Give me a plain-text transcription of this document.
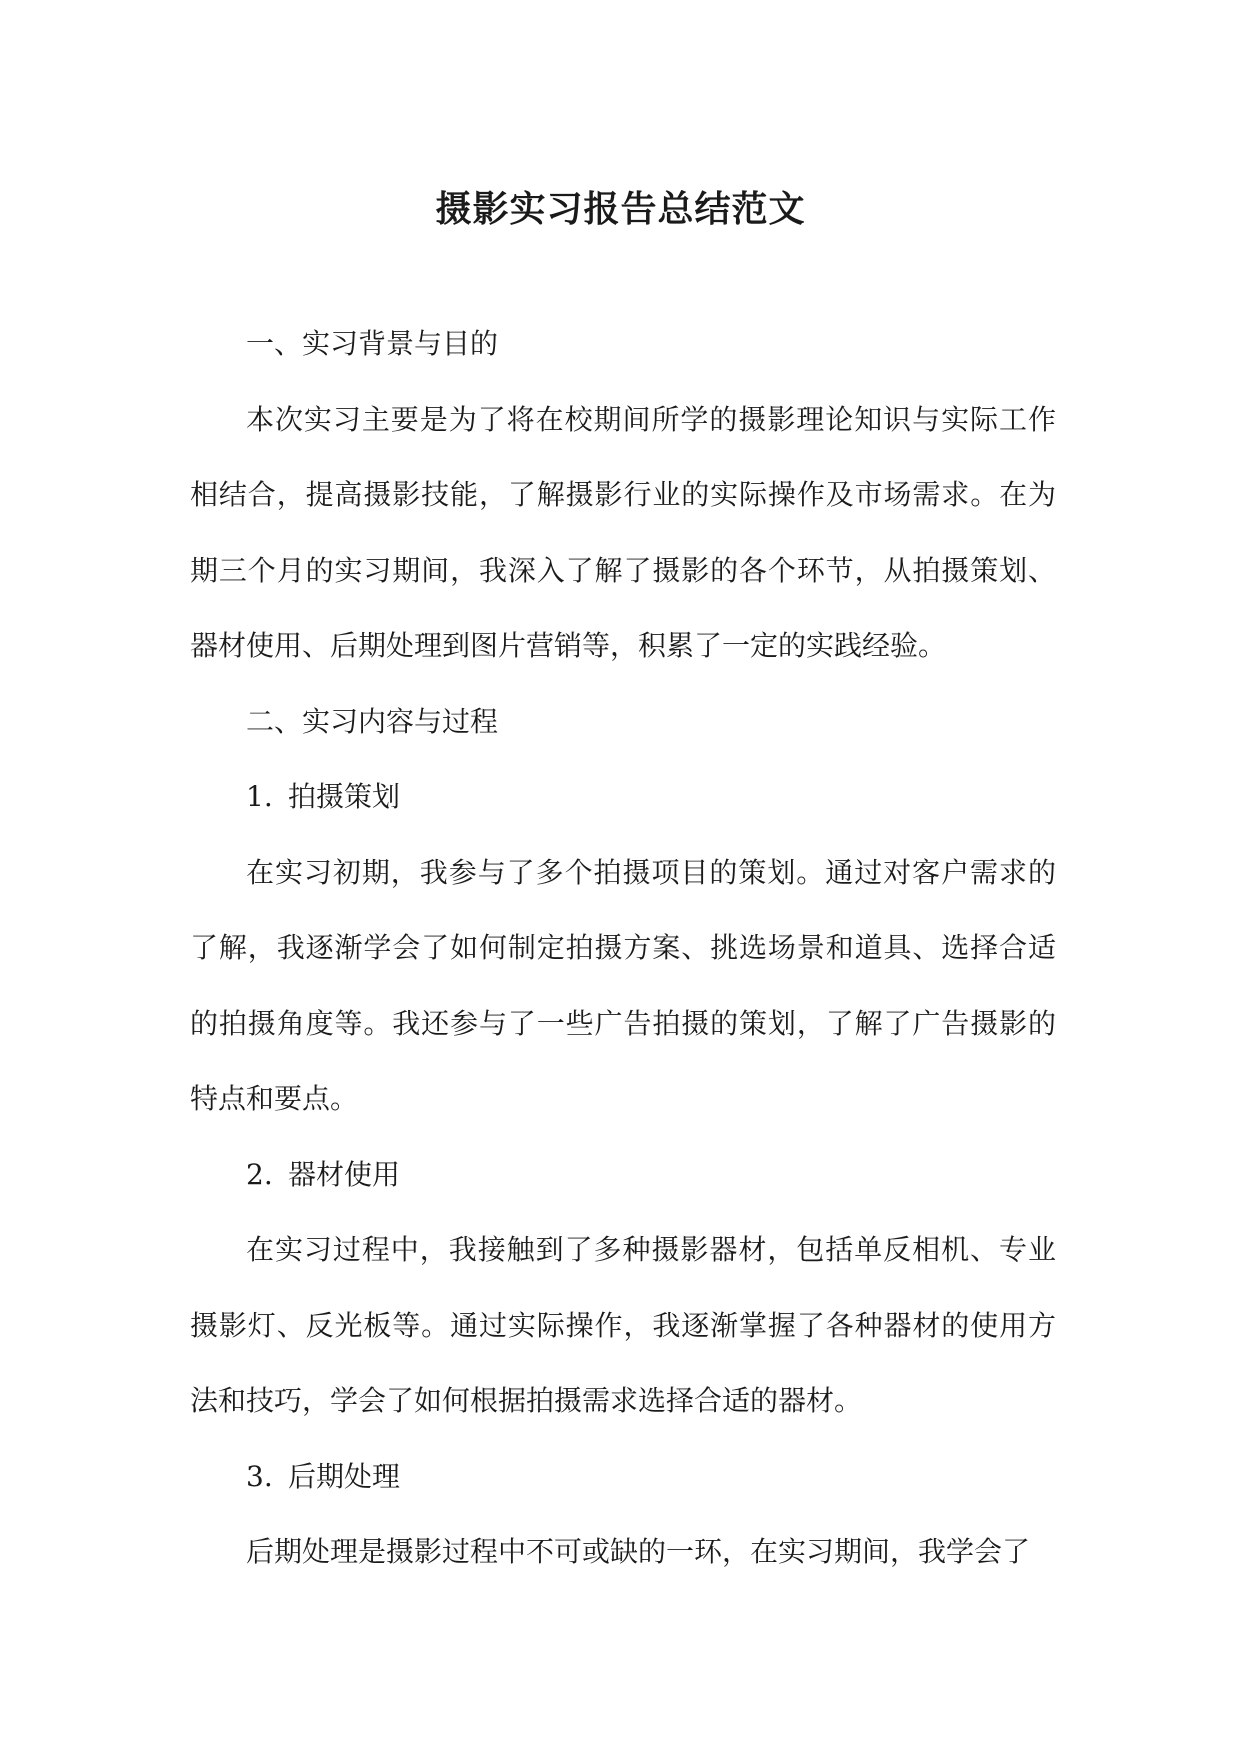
摄影实习报告总结范文

一、实习背景与目的

本次实习主要是为了将在校期间所学的摄影理论知识与实际工作相结合，提高摄影技能，了解摄影行业的实际操作及市场需求。在为期三个月的实习期间，我深入了解了摄影的各个环节，从拍摄策划、器材使用、后期处理到图片营销等，积累了一定的实践经验。

二、实习内容与过程

1. 拍摄策划

在实习初期，我参与了多个拍摄项目的策划。通过对客户需求的了解，我逐渐学会了如何制定拍摄方案、挑选场景和道具、选择合适的拍摄角度等。我还参与了一些广告拍摄的策划，了解了广告摄影的特点和要点。

2. 器材使用

在实习过程中，我接触到了多种摄影器材，包括单反相机、专业摄影灯、反光板等。通过实际操作，我逐渐掌握了各种器材的使用方法和技巧，学会了如何根据拍摄需求选择合适的器材。

3. 后期处理

后期处理是摄影过程中不可或缺的一环，在实习期间，我学会了
